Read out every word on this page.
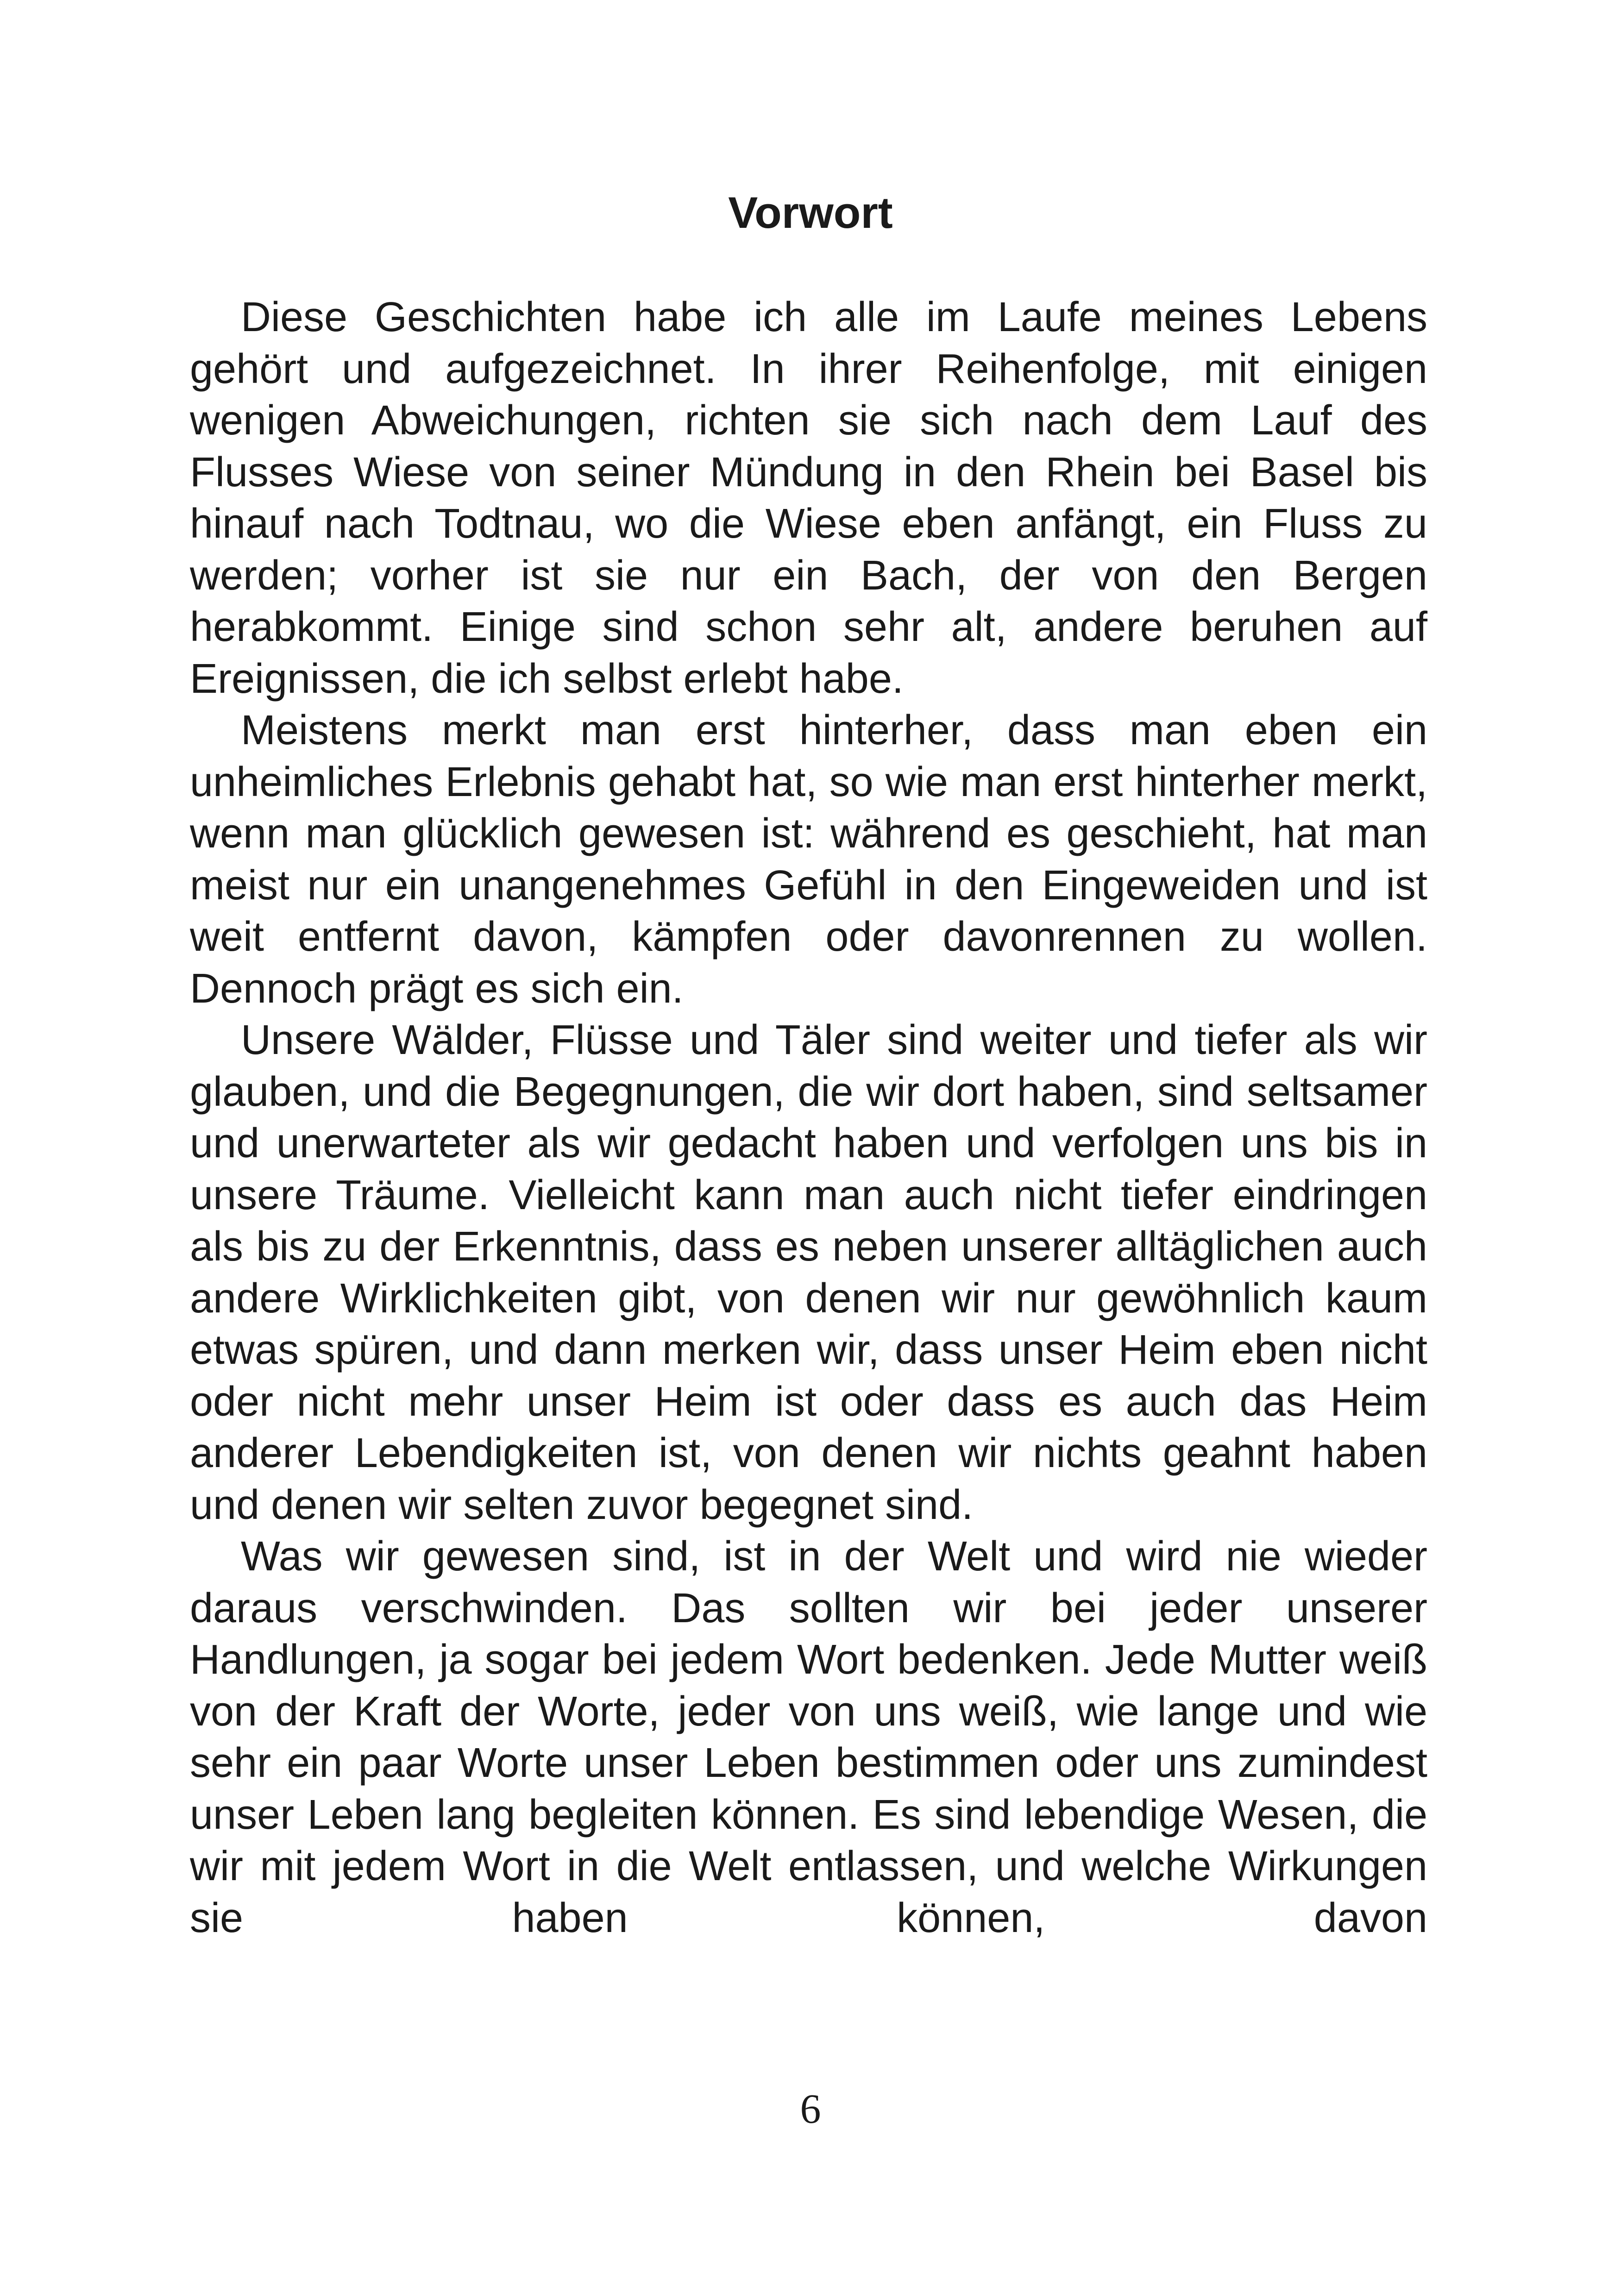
Vorwort

Diese Geschichten habe ich alle im Laufe meines Lebens gehört und aufgezeichnet. In ihrer Reihenfolge, mit einigen wenigen Abweichungen, richten sie sich nach dem Lauf des Flusses Wiese von seiner Mündung in den Rhein bei Basel bis hinauf nach Todtnau, wo die Wiese eben anfängt, ein Fluss zu werden; vorher ist sie nur ein Bach, der von den Bergen herabkommt. Einige sind schon sehr alt, andere beruhen auf Ereignissen, die ich selbst erlebt habe.

Meistens merkt man erst hinterher, dass man eben ein unheimliches Erlebnis gehabt hat, so wie man erst hinterher merkt, wenn man glücklich gewesen ist: während es geschieht, hat man meist nur ein unangenehmes Gefühl in den Eingeweiden und ist weit entfernt davon, kämpfen oder davonrennen zu wollen. Dennoch prägt es sich ein.

Unsere Wälder, Flüsse und Täler sind weiter und tiefer als wir glauben, und die Begegnungen, die wir dort haben, sind seltsamer und unerwarteter als wir gedacht haben und verfolgen uns bis in unsere Träume. Vielleicht kann man auch nicht tiefer eindringen als bis zu der Erkenntnis, dass es neben unserer alltäglichen auch andere Wirklichkeiten gibt, von denen wir nur gewöhnlich kaum etwas spüren, und dann merken wir, dass unser Heim eben nicht oder nicht mehr unser Heim ist oder dass es auch das Heim anderer Lebendigkeiten ist, von denen wir nichts geahnt haben und denen wir selten zuvor begegnet sind.

Was wir gewesen sind, ist in der Welt und wird nie wieder daraus verschwinden. Das sollten wir bei jeder unserer Handlungen, ja sogar bei jedem Wort bedenken. Jede Mutter weiß von der Kraft der Worte, jeder von uns weiß, wie lange und wie sehr ein paar Worte unser Leben bestimmen oder uns zumindest unser Leben lang begleiten können. Es sind lebendige Wesen, die wir mit jedem Wort in die Welt entlassen, und welche Wirkungen sie haben können, davon

6
